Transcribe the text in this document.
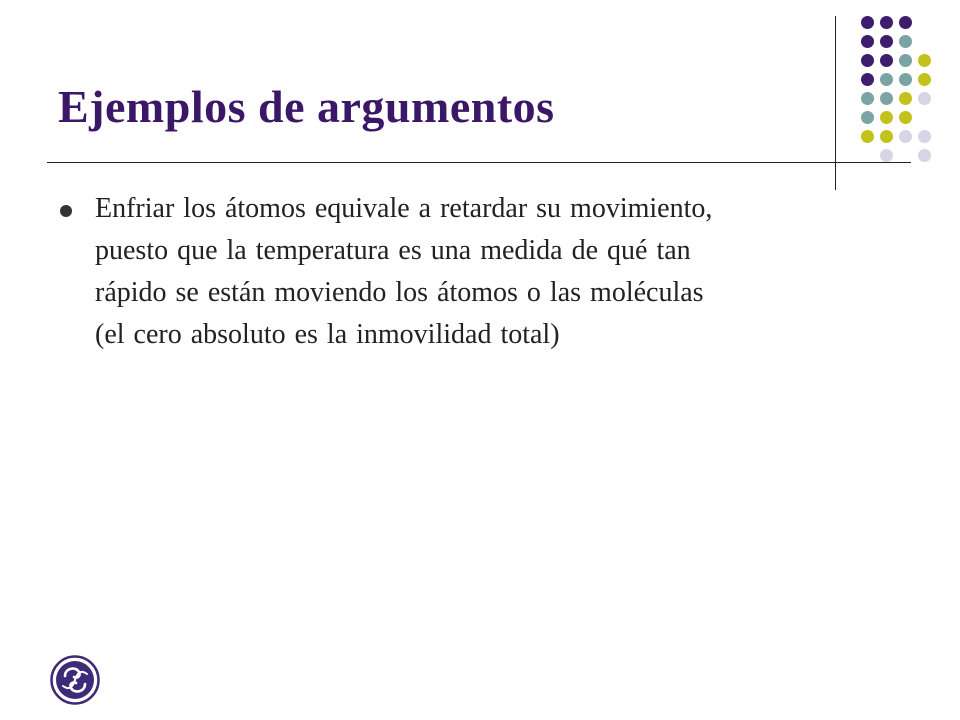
Ejemplos de argumentos
Enfriar los átomos equivale a retardar su movimiento,
puesto que la temperatura es una medida de qué tan
rápido se están moviendo los átomos o las moléculas
(el cero absoluto es la inmovilidad total)
